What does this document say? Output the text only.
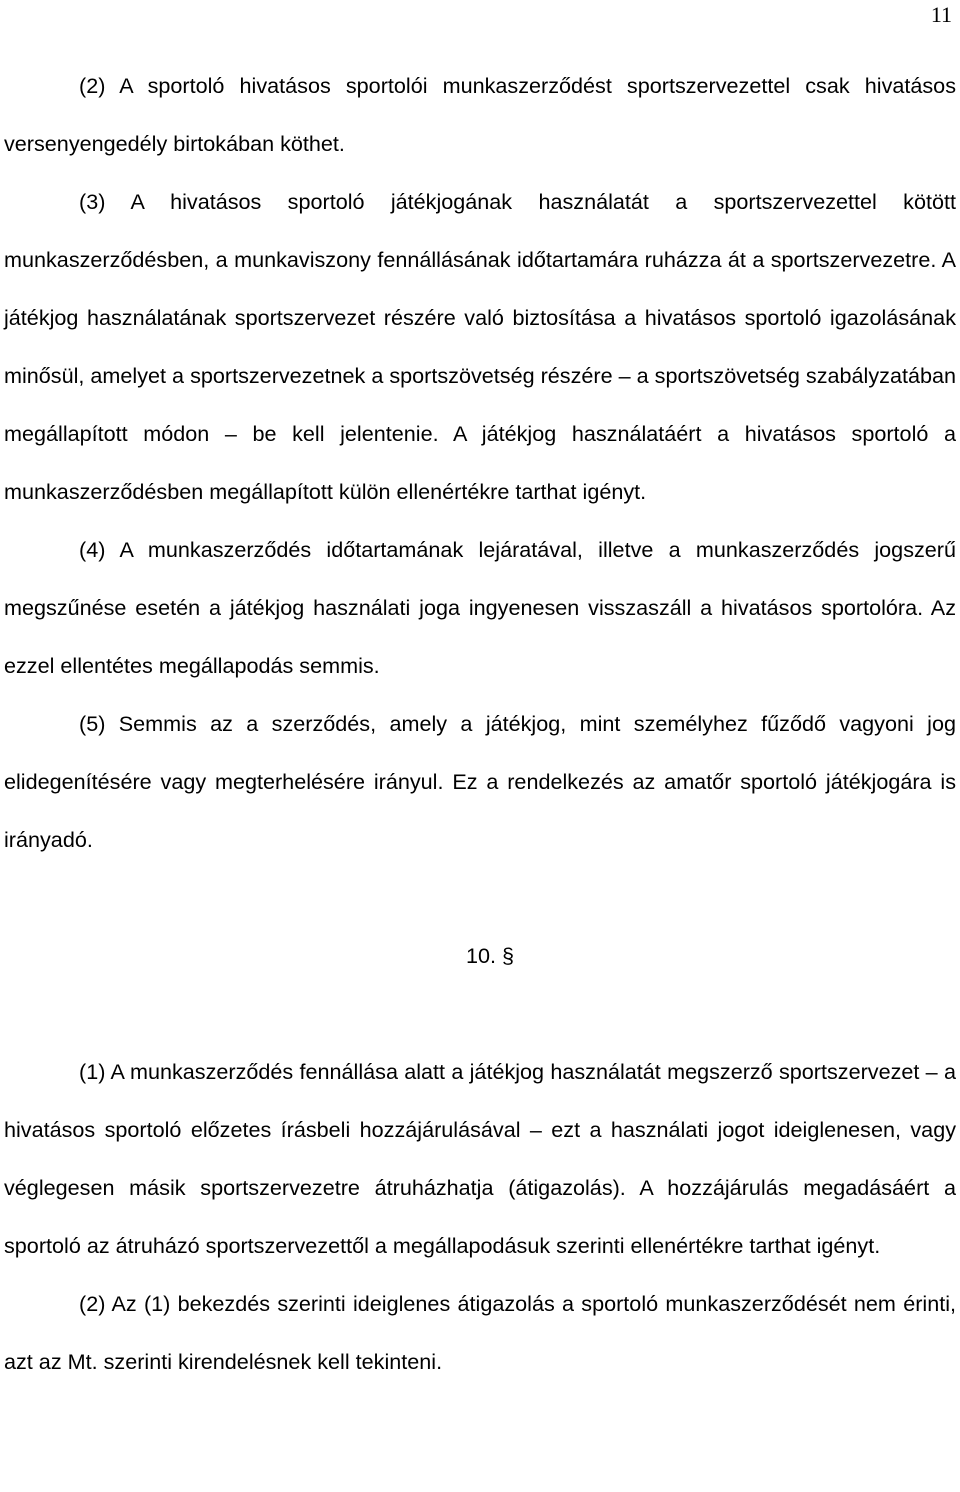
11

(2) A sportoló hivatásos sportolói munkaszerződést sportszervezettel csak hivatásos versenyengedély birtokában köthet.

(3) A hivatásos sportoló játékjogának használatát a sportszervezettel kötött munkaszerződésben, a munkaviszony fennállásának időtartamára ruházza át a sportszervezetre. A játékjog használatának sportszervezet részére való biztosítása a hivatásos sportoló igazolásának minősül, amelyet a sportszervezetnek a sportszövetség részére – a sportszövetség szabályzatában megállapított módon – be kell jelentenie. A játékjog használatáért a hivatásos sportoló a munkaszerződésben megállapított külön ellenértékre tarthat igényt.

(4) A munkaszerződés időtartamának lejáratával, illetve a munkaszerződés jogszerű megszűnése esetén a játékjog használati joga ingyenesen visszaszáll a hivatásos sportolóra. Az ezzel ellentétes megállapodás semmis.

(5) Semmis az a szerződés, amely a játékjog, mint személyhez fűződő vagyoni jog elidegenítésére vagy megterhelésére irányul. Ez a rendelkezés az amatőr sportoló játékjogára is irányadó.

10. §

(1) A munkaszerződés fennállása alatt a játékjog használatát megszerző sportszervezet – a hivatásos sportoló előzetes írásbeli hozzájárulásával – ezt a használati jogot ideiglenesen, vagy véglegesen másik sportszervezetre átruházhatja (átigazolás). A hozzájárulás megadásáért a sportoló az átruházó sportszervezettől a megállapodásuk szerinti ellenértékre tarthat igényt.

(2) Az (1) bekezdés szerinti ideiglenes átigazolás a sportoló munkaszerződését nem érinti, azt az Mt. szerinti kirendelésnek kell tekinteni.
